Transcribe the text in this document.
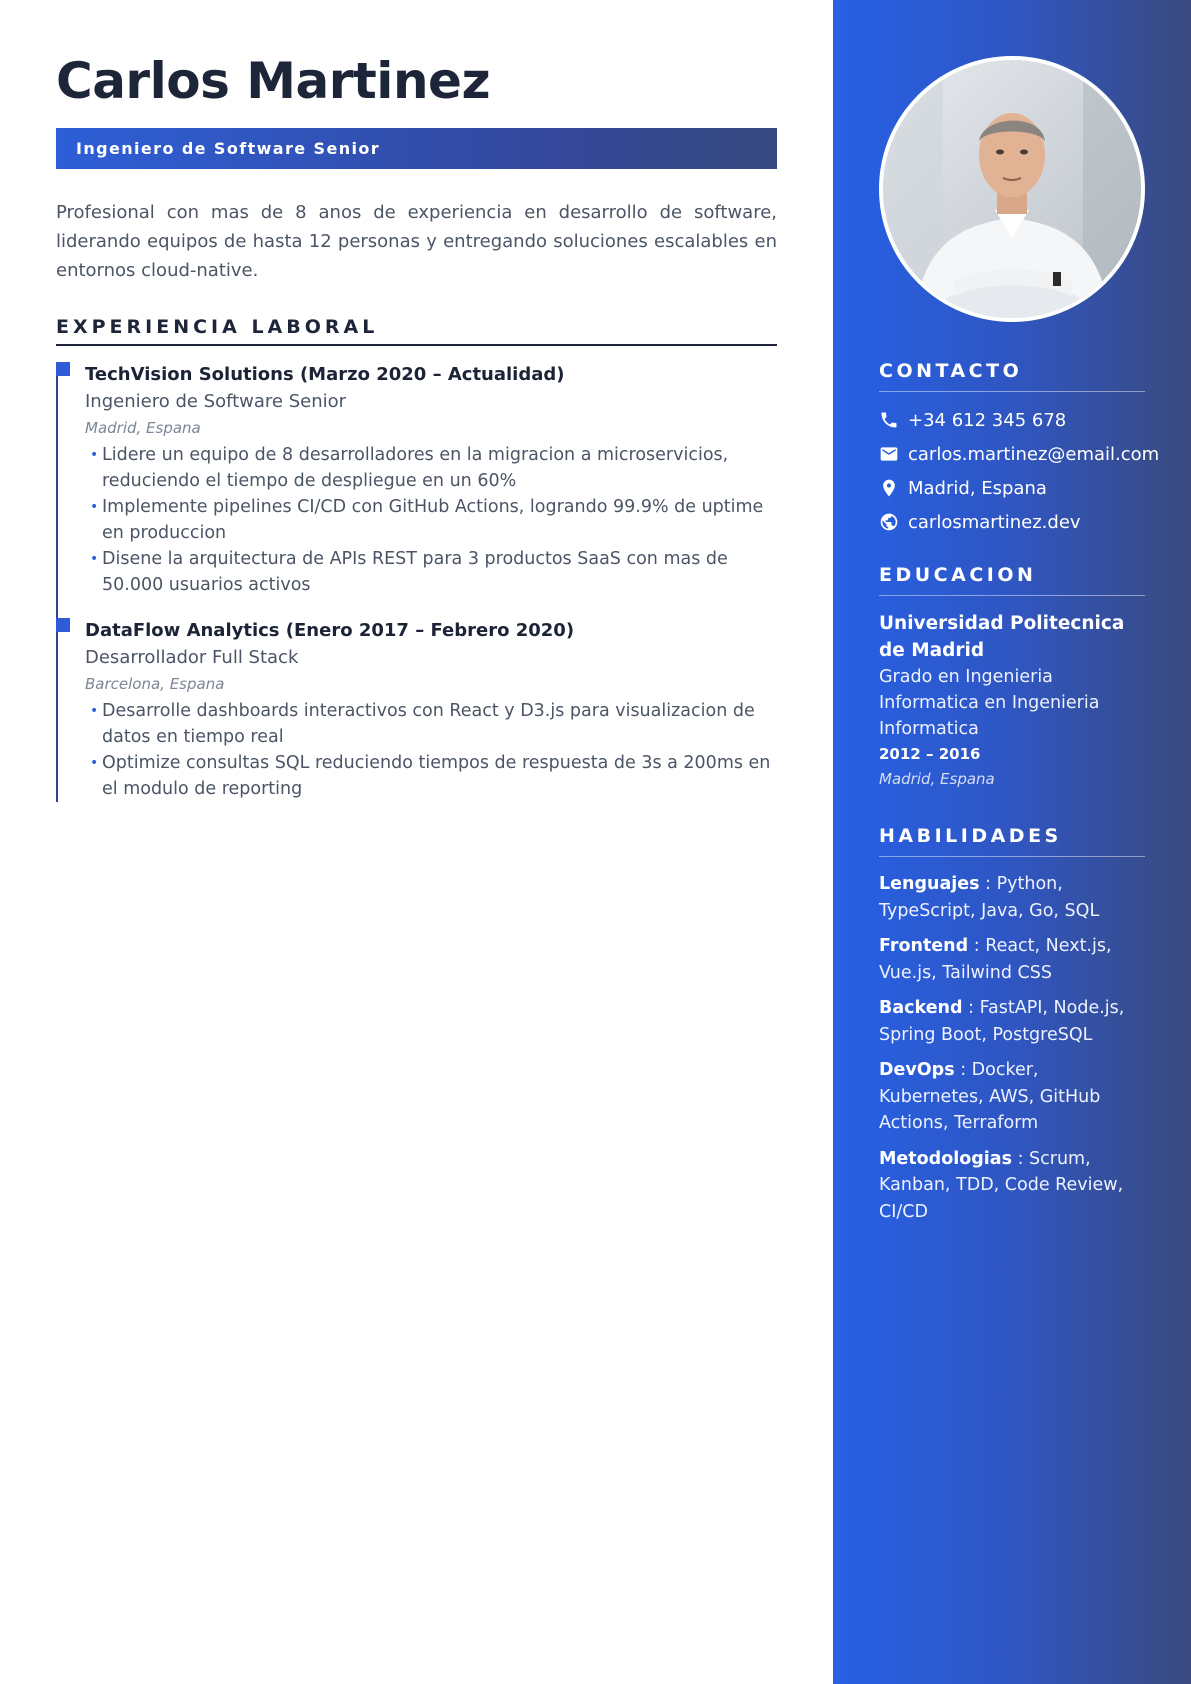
Carlos Martinez
Ingeniero de Software Senior

Profesional con mas de 8 anos de experiencia en desarrollo de software, liderando equipos de hasta 12 personas y entregando soluciones escalables en entornos cloud-native.

EXPERIENCIA LABORAL
TechVision Solutions (Marzo 2020 – Actualidad)
Ingeniero de Software Senior
Madrid, Espana
• Lidere un equipo de 8 desarrolladores en la migracion a microservicios, reduciendo el tiempo de despliegue en un 60%
• Implemente pipelines CI/CD con GitHub Actions, logrando 99.9% de uptime en produccion
• Disene la arquitectura de APIs REST para 3 productos SaaS con mas de 50.000 usuarios activos
DataFlow Analytics (Enero 2017 – Febrero 2020)
Desarrollador Full Stack
Barcelona, Espana
• Desarrolle dashboards interactivos con React y D3.js para visualizacion de datos en tiempo real
• Optimize consultas SQL reduciendo tiempos de respuesta de 3s a 200ms en el modulo de reporting
CONTACTO
+34 612 345 678
carlos.martinez@email.com
Madrid, Espana
carlosmartinez.dev
EDUCACION
Universidad Politecnica de Madrid
Grado en Ingenieria Informatica en Ingenieria Informatica
2012 – 2016
Madrid, Espana
HABILIDADES
Lenguajes : Python, TypeScript, Java, Go, SQL
Frontend : React, Next.js, Vue.js, Tailwind CSS
Backend : FastAPI, Node.js, Spring Boot, PostgreSQL
DevOps : Docker, Kubernetes, AWS, GitHub Actions, Terraform
Metodologias : Scrum, Kanban, TDD, Code Review, CI/CD
